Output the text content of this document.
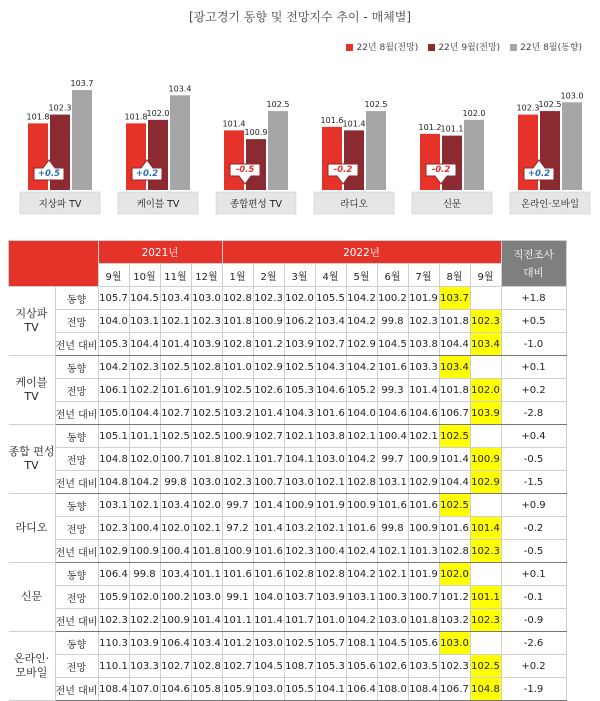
[광고경기 동향 및 전망지수 추이 - 매체별]
22년 8월(전망)	22년 9월(전망)	22년 8월(동향)
101.8
102.3
103.7
+0.5
지상파 TV
101.8 102.0
103.4
+0.2
케이블 TV
101.4
100.9
102.5
-0.5
종합편성 TV
101.6 101.4
102.5
-0.2
라디오
101.2 101.1
102.0
-0.2
신문
102.3 102.5
103.0
+0.2
온라인·모바일
		2021년				2022년									직전조사 대비
		9월	10월	11월	12월	1월	2월	3월	4월	5월	6월	7월	8월	9월	
지상파 TV	동향	105.7	104.5	103.4	103.0	102.8	102.3	102.0	105.5	104.2	100.2	101.9	103.7		+1.8
	전망	104.0	103.1	102.1	102.3	101.8	100.9	106.2	103.4	104.2	99.8	102.3	101.8	102.3	+0.5
	전년 대비	105.3	104.4	101.4	103.9	102.8	101.2	103.9	102.7	102.9	104.5	103.8	104.4	103.4	-1.0
케이블 TV	동향	104.2	102.3	102.5	102.8	101.0	102.9	102.5	104.3	104.2	101.6	103.3	103.4		+0.1
	전망	106.1	102.2	101.6	101.9	102.5	102.6	105.3	104.6	105.2	99.3	101.4	101.8	102.0	+0.2
	전년 대비	105.0	104.4	102.7	102.5	103.2	101.4	104.3	101.6	104.0	104.6	104.6	106.7	103.9	-2.8
종합 편성 TV	동향	105.1	101.1	102.5	102.5	100.9	102.7	102.1	103.8	102.1	100.4	102.1	102.5		+0.4
	전망	104.8	102.0	100.7	101.8	102.1	101.7	104.1	103.0	104.2	99.7	100.9	101.4	100.9	-0.5
	전년 대비	104.8	104.2	99.8	103.0	102.3	100.7	103.0	102.1	102.8	103.1	102.9	104.4	102.9	-1.5
라디오	동향	103.1	102.1	103.4	102.0	99.7	101.4	100.9	101.9	100.9	101.6	101.6	102.5		+0.9
	전망	102.3	100.4	102.0	102.1	97.2	101.4	103.2	102.1	101.6	99.8	100.9	101.6	101.4	-0.2
	전년 대비	102.9	100.9	100.4	101.8	100.9	101.6	102.3	100.4	102.4	102.1	101.3	102.8	102.3	-0.5
신문	동향	106.4	99.8	103.4	101.1	101.6	101.6	102.8	102.8	104.2	102.1	101.9	102.0		+0.1
	전망	105.9	102.0	100.2	103.0	99.1	104.0	103.7	103.9	103.1	100.3	100.7	101.2	101.1	-0.1
	전년 대비	102.3	102.2	100.9	101.4	101.1	101.4	101.7	101.0	104.2	103.0	101.8	103.2	102.3	-0.9
온라인· 모바일	동향	110.3	103.9	106.4	103.4	101.2	103.0	102.5	105.7	108.1	104.5	105.6	103.0		-2.6
	전망	110.1	103.3	102.7	102.8	102.7	104.5	108.7	105.3	105.6	102.6	103.5	102.3	102.5	+0.2
	전년 대비	108.4	107.0	104.6	105.8	105.9	103.0	105.5	104.1	106.4	108.0	108.4	106.7	104.8	-1.9
